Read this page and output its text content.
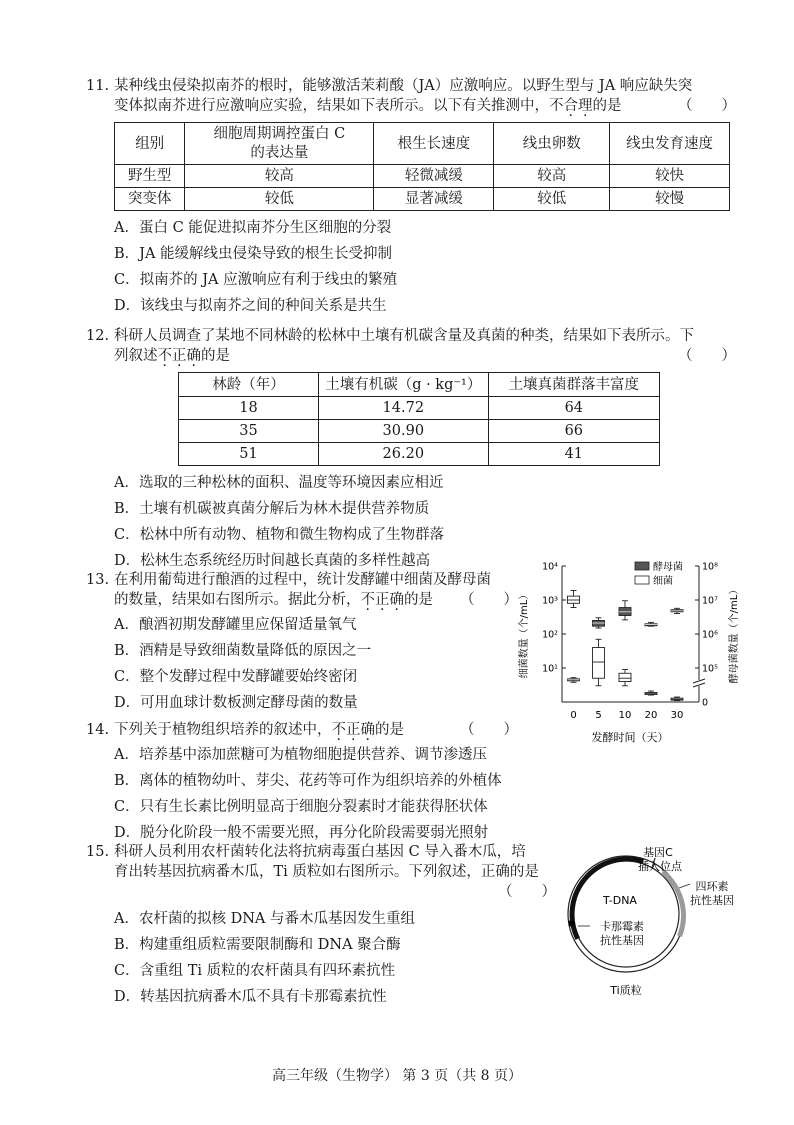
11. 某种线虫侵染拟南芥的根时，能够激活茉莉酸（JA）应激响应。以野生型与 JA 响应缺失突
变体拟南芥进行应激响应实验，结果如下表所示。以下有关推测中，不合理的是	（　　）
组别	细胞周期调控蛋白 C
的表达量	根生长速度	线虫卵数	线虫发育速度
野生型	较高	轻微减缓	较高	较快
突变体	较低	显著减缓	较低	较慢
A．蛋白 C 能促进拟南芥分生区细胞的分裂
B．JA 能缓解线虫侵染导致的根生长受抑制
C．拟南芥的 JA 应激响应有利于线虫的繁殖
D．该线虫与拟南芥之间的种间关系是共生
12. 科研人员调查了某地不同林龄的松林中土壤有机碳含量及真菌的种类，结果如下表所示。下
列叙述不正确的是	（　　）
林龄（年）	土壤有机碳（g · kg⁻¹）	土壤真菌群落丰富度
18	14.72	64
35	30.90	66
51	26.20	41
A．选取的三种松林的面积、温度等环境因素应相近
B．土壤有机碳被真菌分解后为林木提供营养物质
C．松林中所有动物、植物和微生物构成了生物群落
D．松林生态系统经历时间越长真菌的多样性越高
13. 在利用葡萄进行酿酒的过程中，统计发酵罐中细菌及酵母菌
的数量，结果如右图所示。据此分析，不正确的是 （　　）
A．酿酒初期发酵罐里应保留适量氧气
B．酒精是导致细菌数量降低的原因之一
C．整个发酵过程中发酵罐要始终密闭
D．可用血球计数板测定酵母菌的数量
10¹
10²
10³
10⁴
0
10⁵
10⁶
10⁷
10⁸
0 5 10 20 30
酵母菌
细菌
细菌数量（个/mL）	酵母菌数量（个/mL）
发酵时间（天）
14. 下列关于植物组织培养的叙述中，不正确的是	（　　）
A．培养基中添加蔗糖可为植物细胞提供营养、调节渗透压
B．离体的植物幼叶、芽尖、花药等可作为组织培养的外植体
C．只有生长素比例明显高于细胞分裂素时才能获得胚状体
D．脱分化阶段一般不需要光照，再分化阶段需要弱光照射
15. 科研人员利用农杆菌转化法将抗病毒蛋白基因 C 导入番木瓜，培
育出转基因抗病番木瓜，Ti 质粒如右图所示。下列叙述，正确的是
（　　）
A．农杆菌的拟核 DNA 与番木瓜基因发生重组
B．构建重组质粒需要限制酶和 DNA 聚合酶
C．含重组 Ti 质粒的农杆菌具有四环素抗性
D．转基因抗病番木瓜不具有卡那霉素抗性
基因C
插入位点
四环素
抗性基因
T-DNA
卡那霉素
抗性基因
Ti质粒
高三年级（生物学） 第 3 页（共 8 页）
